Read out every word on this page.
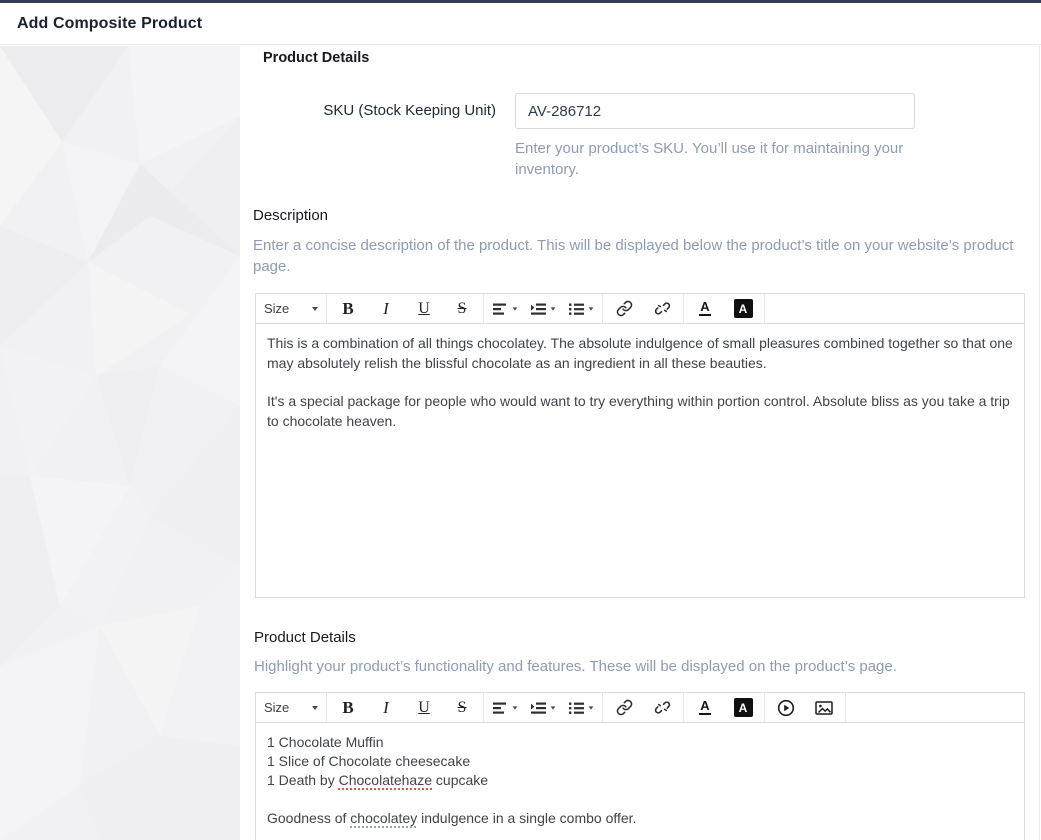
Add Composite Product
Product Details
SKU (Stock Keeping Unit)
AV-286712
Enter your product’s SKU. You’ll use it for maintaining your inventory.
Description
Enter a concise description of the product. This will be displayed below the product’s title on your website’s product page.
Size	B I U S	A	A

This is a combination of all things chocolatey. The absolute indulgence of small pleasures combined together so that one may absolutely relish the blissful chocolate as an ingredient in all these beauties.

It's a special package for people who would want to try everything within portion control. Absolute bliss as you take a trip to chocolate heaven.

Product Details
Highlight your product’s functionality and features. These will be displayed on the product’s page.
Size	B I U S	A	A

1 Chocolate Muffin
1 Slice of Chocolate cheesecake
1 Death by Chocolatehaze cupcake

Goodness of chocolatey indulgence in a single combo offer.
